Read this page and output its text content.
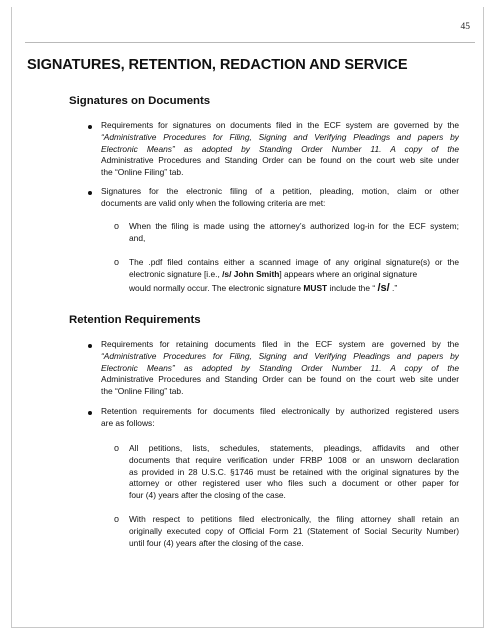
45
SIGNATURES, RETENTION, REDACTION AND SERVICE
Signatures on Documents
Requirements for signatures on documents filed in the ECF system are governed by the
“Administrative Procedures for Filing, Signing and Verifying Pleadings and papers by
Electronic Means” as adopted by Standing Order Number 11. A copy of the
Administrative Procedures and Standing Order can be found on the court web site under
the “Online Filing” tab.
Signatures for the electronic filing of a petition, pleading, motion, claim or other
documents are valid only when the following criteria are met:
o When the filing is made using the attorney’s authorized log-in for the ECF system;
and,
o The .pdf filed contains either a scanned image of any original signature(s) or the
electronic signature [i.e., /s/ John Smith] appears where an original signature
would normally occur. The electronic signature MUST include the “ /s/ .”
Retention Requirements
Requirements for retaining documents filed in the ECF system are governed by the
“Administrative Procedures for Filing, Signing and Verifying Pleadings and papers by
Electronic Means” as adopted by Standing Order Number 11. A copy of the
Administrative Procedures and Standing Order can be found on the court web site under
the “Online Filing” tab.
Retention requirements for documents filed electronically by authorized registered users
are as follows:
o All petitions, lists, schedules, statements, pleadings, affidavits and other
documents that require verification under FRBP 1008 or an unsworn declaration
as provided in 28 U.S.C. §1746 must be retained with the original signatures by the
attorney or other registered user who files such a document or other paper for
four (4) years after the closing of the case.
o With respect to petitions filed electronically, the filing attorney shall retain an
originally executed copy of Official Form 21 (Statement of Social Security Number)
until four (4) years after the closing of the case.
